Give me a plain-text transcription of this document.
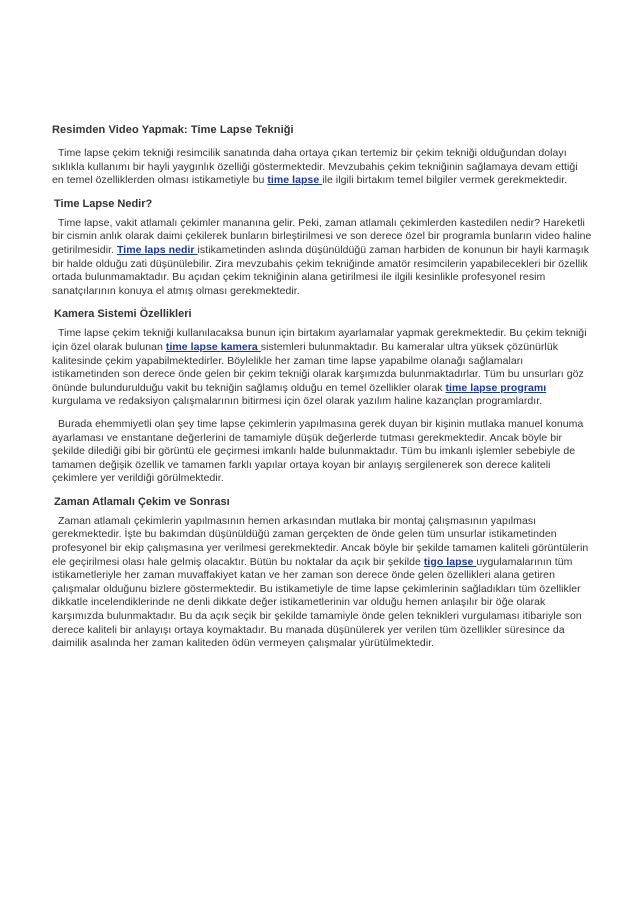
Resimden Video Yapmak: Time Lapse Tekniği

Time lapse çekim tekniği resimcilik sanatında daha ortaya çıkan tertemiz bir çekim tekniği olduğundan dolayı sıklıkla kullanımı bir hayli yaygınlık özelliği göstermektedir. Mevzubahis çekim tekniğinin sağlamaya devam ettiği en temel özelliklerden olması istikametiyle bu time lapse ile ilgili birtakım temel bilgiler vermek gerekmektedir.

Time Lapse Nedir?

Time lapse, vakit atlamalı çekimler mananına gelir. Peki, zaman atlamalı çekimlerden kastedilen nedir? Hareketli bir cismin anlık olarak daimi çekilerek bunların birleştirilmesi ve son derece özel bir programla bunların video haline getirilmesidir. Time laps nedir istikametinden aslında düşünüldüğü zaman harbiden de konunun bir hayli karmaşık bir halde olduğu zati düşünülebilir. Zira mevzubahis çekim tekniğinde amatör resimcilerin yapabilecekleri bir özellik ortada bulunmamaktadır. Bu açıdan çekim tekniğinin alana getirilmesi ile ilgili kesinlikle profesyonel resim sanatçılarının konuya el atmış olması gerekmektedir.

Kamera Sistemi Özellikleri

Time lapse çekim tekniği kullanılacaksa bunun için birtakım ayarlamalar yapmak gerekmektedir. Bu çekim tekniği için özel olarak bulunan time lapse kamera sistemleri bulunmaktadır. Bu kameralar ultra yüksek çözünürlük kalitesinde çekim yapabilmektedirler. Böylelikle her zaman time lapse yapabilme olanağı sağlamaları istikametinden son derece önde gelen bir çekim tekniği olarak karşımızda bulunmaktadırlar. Tüm bu unsurları göz önünde bulundurulduğu vakit bu tekniğin sağlamış olduğu en temel özellikler olarak time lapse programı kurgulama ve redaksiyon çalışmalarının bitirmesi için özel olarak yazılım haline kazançlan programlardır.

Burada ehemmiyetli olan şey time lapse çekimlerin yapılmasına gerek duyan bir kişinin mutlaka manuel konuma ayarlaması ve enstantane değerlerini de tamamiyle düşük değerlerde tutması gerekmektedir. Ancak böyle bir şekilde dilediği gibi bir görüntü ele geçirmesi imkanlı halde bulunmaktadır. Tüm bu imkanlı işlemler sebebiyle de tamamen değişik özellik ve tamamen farklı yapılar ortaya koyan bir anlayış sergilenerek son derece kaliteli çekimlere yer verildiği görülmektedir.

Zaman Atlamalı Çekim ve Sonrası

Zaman atlamalı çekimlerin yapılmasının hemen arkasından mutlaka bir montaj çalışmasının yapılması gerekmektedir. İşte bu bakımdan düşünüldüğü zaman gerçekten de önde gelen tüm unsurlar istikametinden profesyonel bir ekip çalışmasına yer verilmesi gerekmektedir. Ancak böyle bir şekilde tamamen kaliteli görüntülerin ele geçirilmesi olası hale gelmiş olacaktır. Bütün bu noktalar da açık bir şekilde tigo lapse uygulamalarının tüm istikametleriyle her zaman muvaffakiyet katan ve her zaman son derece önde gelen özellikleri alana getiren çalışmalar olduğunu bizlere göstermektedir. Bu istikametiyle de time lapse çekimlerinin sağladıkları tüm özellikler dikkatle incelendiklerinde ne denli dikkate değer istikametlerinin var olduğu hemen anlaşılır bir öğe olarak karşımızda bulunmaktadır. Bu da açık seçik bir şekilde tamamiyle önde gelen teknikleri vurgulaması itibariyle son derece kaliteli bir anlayışı ortaya koymaktadır. Bu manada düşünülerek yer verilen tüm özellikler süresince da daimilik asalında her zaman kaliteden ödün vermeyen çalışmalar yürütülmektedir.
